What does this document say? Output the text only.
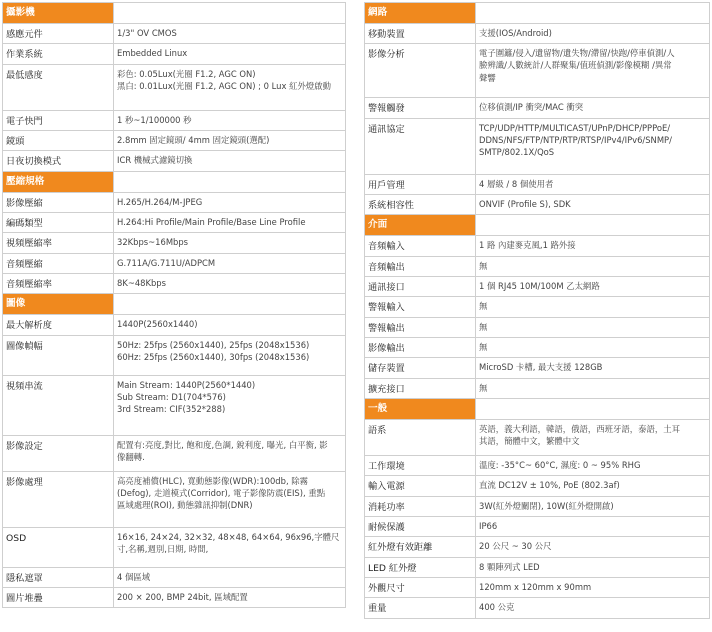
攝影機	
感應元件	1/3" OV CMOS

作業系統	Embedded Linux

最低感度	彩色: 0.05Lux(光圈 F1.2, AGC ON)
黑白: 0.01Lux(光圈 F1.2, AGC ON) ; 0 Lux 紅外燈啟動

電子快門	1 秒~1/100000 秒

鏡頭	2.8mm 固定鏡頭/ 4mm 固定鏡頭(選配)

日夜切換模式	ICR 機械式濾鏡切換

壓縮規格	
影像壓縮	H.265/H.264/M-JPEG

編碼類型	H.264:Hi Profile/Main Profile/Base Line Profile

視頻壓縮率	32Kbps~16Mbps

音頻壓縮	G.711A/G.711U/ADPCM

音頻壓縮率	8K~48Kbps

圖像	
最大解析度	1440P(2560x1440)

圖像幀幅	50Hz: 25fps (2560x1440), 25fps (2048x1536)
60Hz: 25fps (2560x1440), 30fps (2048x1536)

視頻串流	Main Stream: 1440P(2560*1440)
Sub Stream: D1(704*576)
3rd Stream: CIF(352*288)

影像設定	配置有:亮度,對比, 飽和度,色調, 銳利度, 曝光, 白平衡, 影
像翻轉.

影像處理	高亮度補償(HLC), 寬動態影像(WDR):100db, 除霧
(Defog), 走道模式(Corridor), 電子影像防震(EIS), 重點
區域處理(ROI), 動態雜訊抑制(DNR)

OSD	16×16, 24×24, 32×32, 48×48, 64×64, 96x96,字體尺
寸,名稱,週別,日期, 時間,

隱私遮罩	4 個區域

圖片堆疊	200 × 200, BMP 24bit, 區域配置
網路	
移動裝置	支援(IOS/Android)

影像分析	電子圍籬/侵入/遺留物/遺失物/滯留/快跑/停車偵測/人
臉辨識/人數統計/人群聚集/值班偵測/影像模糊 /異常
聲響

警報觸發	位移偵測/IP 衝突/MAC 衝突

通訊協定	TCP/UDP/HTTP/MULTICAST/UPnP/DHCP/PPPoE/
DDNS/NFS/FTP/NTP/RTP/RTSP/IPv4/IPv6/SNMP/
SMTP/802.1X/QoS

用戶管理	4 層級 / 8 個使用者

系統相容性	ONVIF (Profile S), SDK

介面	
音頻輸入	1 路 內建麥克風,1 路外接

音頻輸出	無

通訊接口	1 個 RJ45 10M/100M 乙太網路

警報輸入	無

警報輸出	無

影像輸出	無

儲存裝置	MicroSD 卡槽, 最大支援 128GB

擴充接口	無

一般	
語系	英語，義大利語，韓語，俄語，西班牙語，泰語，土耳
其語，簡體中文，繁體中文

工作環境	溫度: -35°C~ 60°C, 濕度: 0 ~ 95% RHG

輸入電源	直流 DC12V ± 10%, PoE (802.3af)

消耗功率	3W(紅外燈關閉), 10W(紅外燈開啟)

耐候保護	IP66

紅外燈有效距離	20 公尺 ~ 30 公尺

LED 紅外燈	8 顆陣列式 LED

外觀尺寸	120mm x 120mm x 90mm

重量	400 公克
